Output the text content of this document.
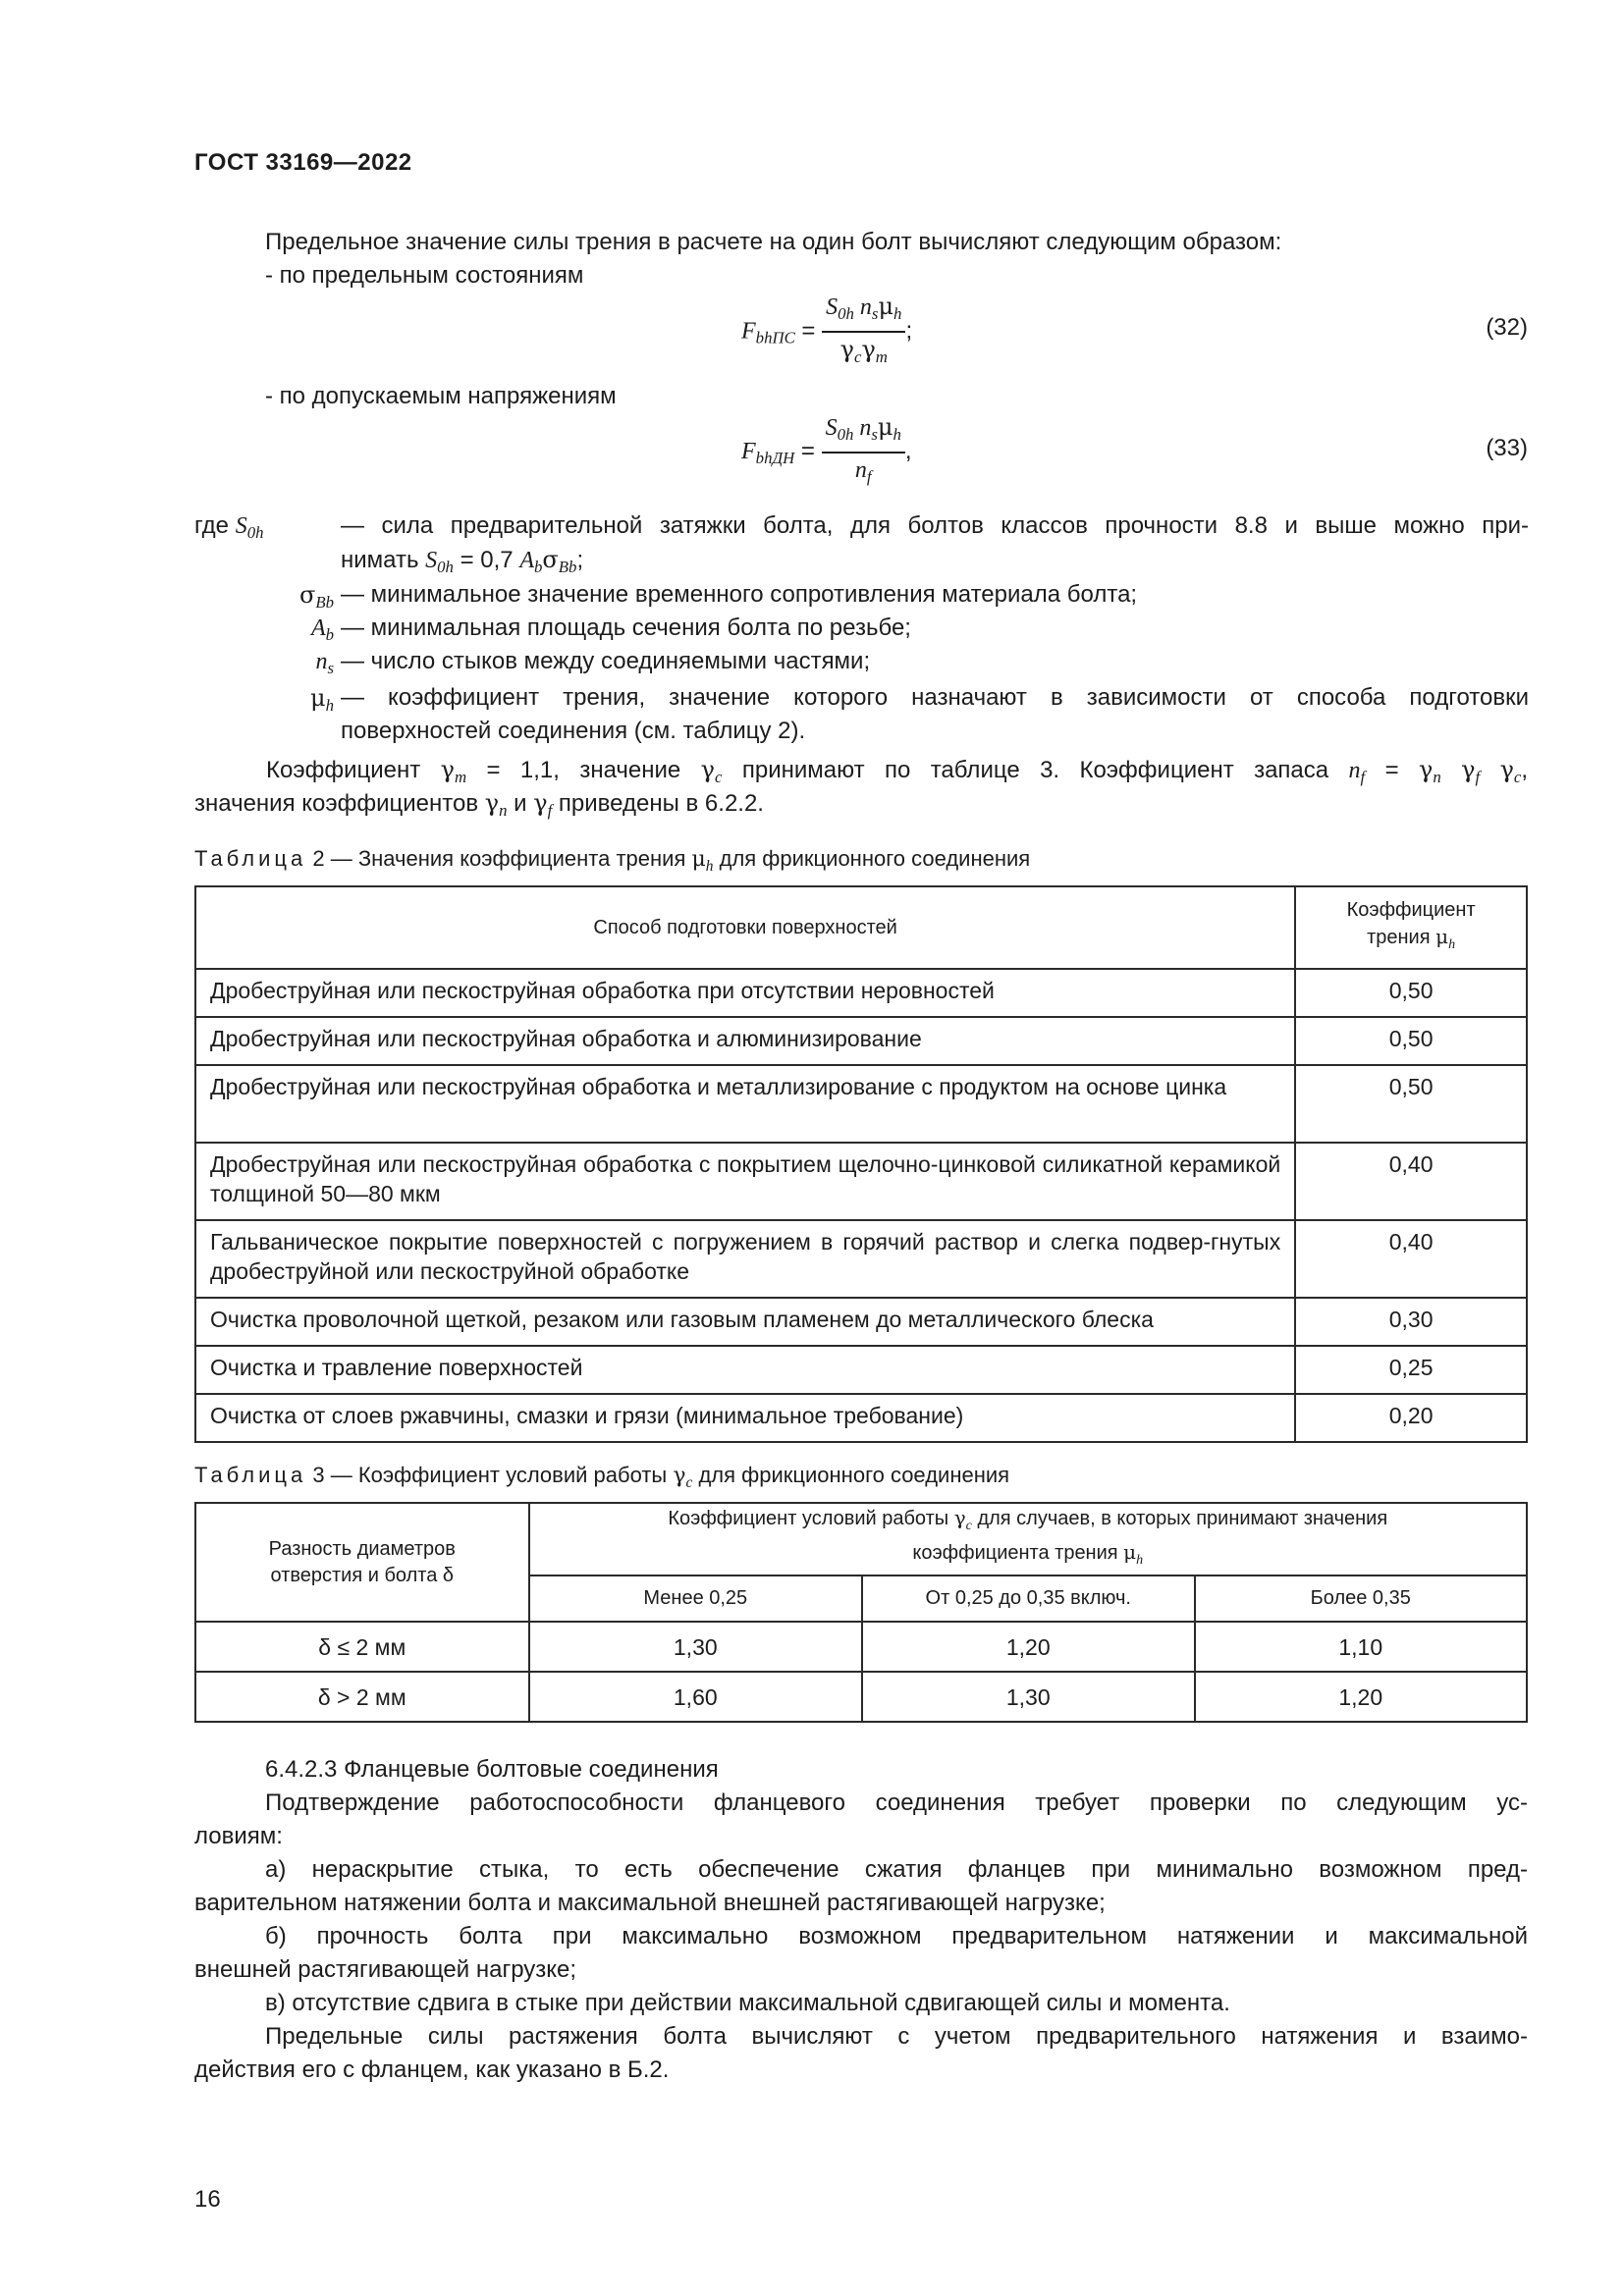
ГОСТ 33169—2022
Предельное значение силы трения в расчете на один болт вычисляют следующим образом:
- по предельным состояниям
$F_{bhПС} = \frac{S_{0h} n_s\mu_h}{\gamma_c\gamma_m}$ ;	(32)
- по допускаемым напряжениям
$F_{bhДН} = \frac{S_{0h} n_s\mu_h}{n_f}$ ,	(33)
где $S_{0h}$	— сила предварительной затяжки болта, для болтов классов прочности 8.8 и выше можно при-
нимать $S_{0h} = 0,7$ $A_b\sigma_{Bb}$;
$\sigma_{Bb}$ — минимальное значение временного сопротивления материала болта;
$A_b$ — минимальная площадь сечения болта по резьбе;
$n_s$ — число стыков между соединяемыми частями;
$\mu_h$ — коэффициент трения, значение которого назначают в зависимости от способа подготовки
поверхностей соединения (см. таблицу 2).
Коэффициент $\gamma_m = 1,1$, значение $\gamma_c$ принимают по таблице 3. Коэффициент запаса $n_f = \gamma_n$ $\gamma_f$ $\gamma_c$,
значения коэффициентов $\gamma_n$ и $\gamma_f$ приведены в 6.2.2.
Таблица 2 — Значения коэффициента трения $\mu_h$ для фрикционного соединения
Способ подготовки поверхностей	Коэффициент
трения $\mu_h$
Дробеструйная или пескоструйная обработка при отсутствии неровностей	0,50
Дробеструйная или пескоструйная обработка и алюминизирование	0,50
Дробеструйная или пескоструйная обработка и металлизирование с продуктом на основе цинка	0,50
Дробеструйная или пескоструйная обработка с покрытием щелочно-цинковой силикатной керамикой толщиной 50—80 мкм	0,40
Гальваническое покрытие поверхностей с погружением в горячий раствор и слегка подвер-гнутых дробеструйной или пескоструйной обработке	0,40
Очистка проволочной щеткой, резаком или газовым пламенем до металлического блеска	0,30
Очистка и травление поверхностей	0,25
Очистка от слоев ржавчины, смазки и грязи (минимальное требование)	0,20
Таблица 3 — Коэффициент условий работы $\gamma_c$ для фрикционного соединения
Разность диаметров
отверстия и болта δ	Коэффициент условий работы $\gamma_c$ для случаев, в которых принимают значения
коэффициента трения $\mu_h$
	Менее 0,25	От 0,25 до 0,35 включ.	Более 0,35
δ ≤ 2 мм	1,30	1,20	1,10
δ > 2 мм	1,60	1,30	1,20
6.4.2.3 Фланцевые болтовые соединения
Подтверждение работоспособности фланцевого соединения требует проверки по следующим ус-
ловиям:
а) нераскрытие стыка, то есть обеспечение сжатия фланцев при минимально возможном пред-
варительном натяжении болта и максимальной внешней растягивающей нагрузке;
б) прочность болта при максимально возможном предварительном натяжении и максимальной
внешней растягивающей нагрузке;
в) отсутствие сдвига в стыке при действии максимальной сдвигающей силы и момента.
Предельные силы растяжения болта вычисляют с учетом предварительного натяжения и взаимо-
действия его с фланцем, как указано в Б.2.
16
